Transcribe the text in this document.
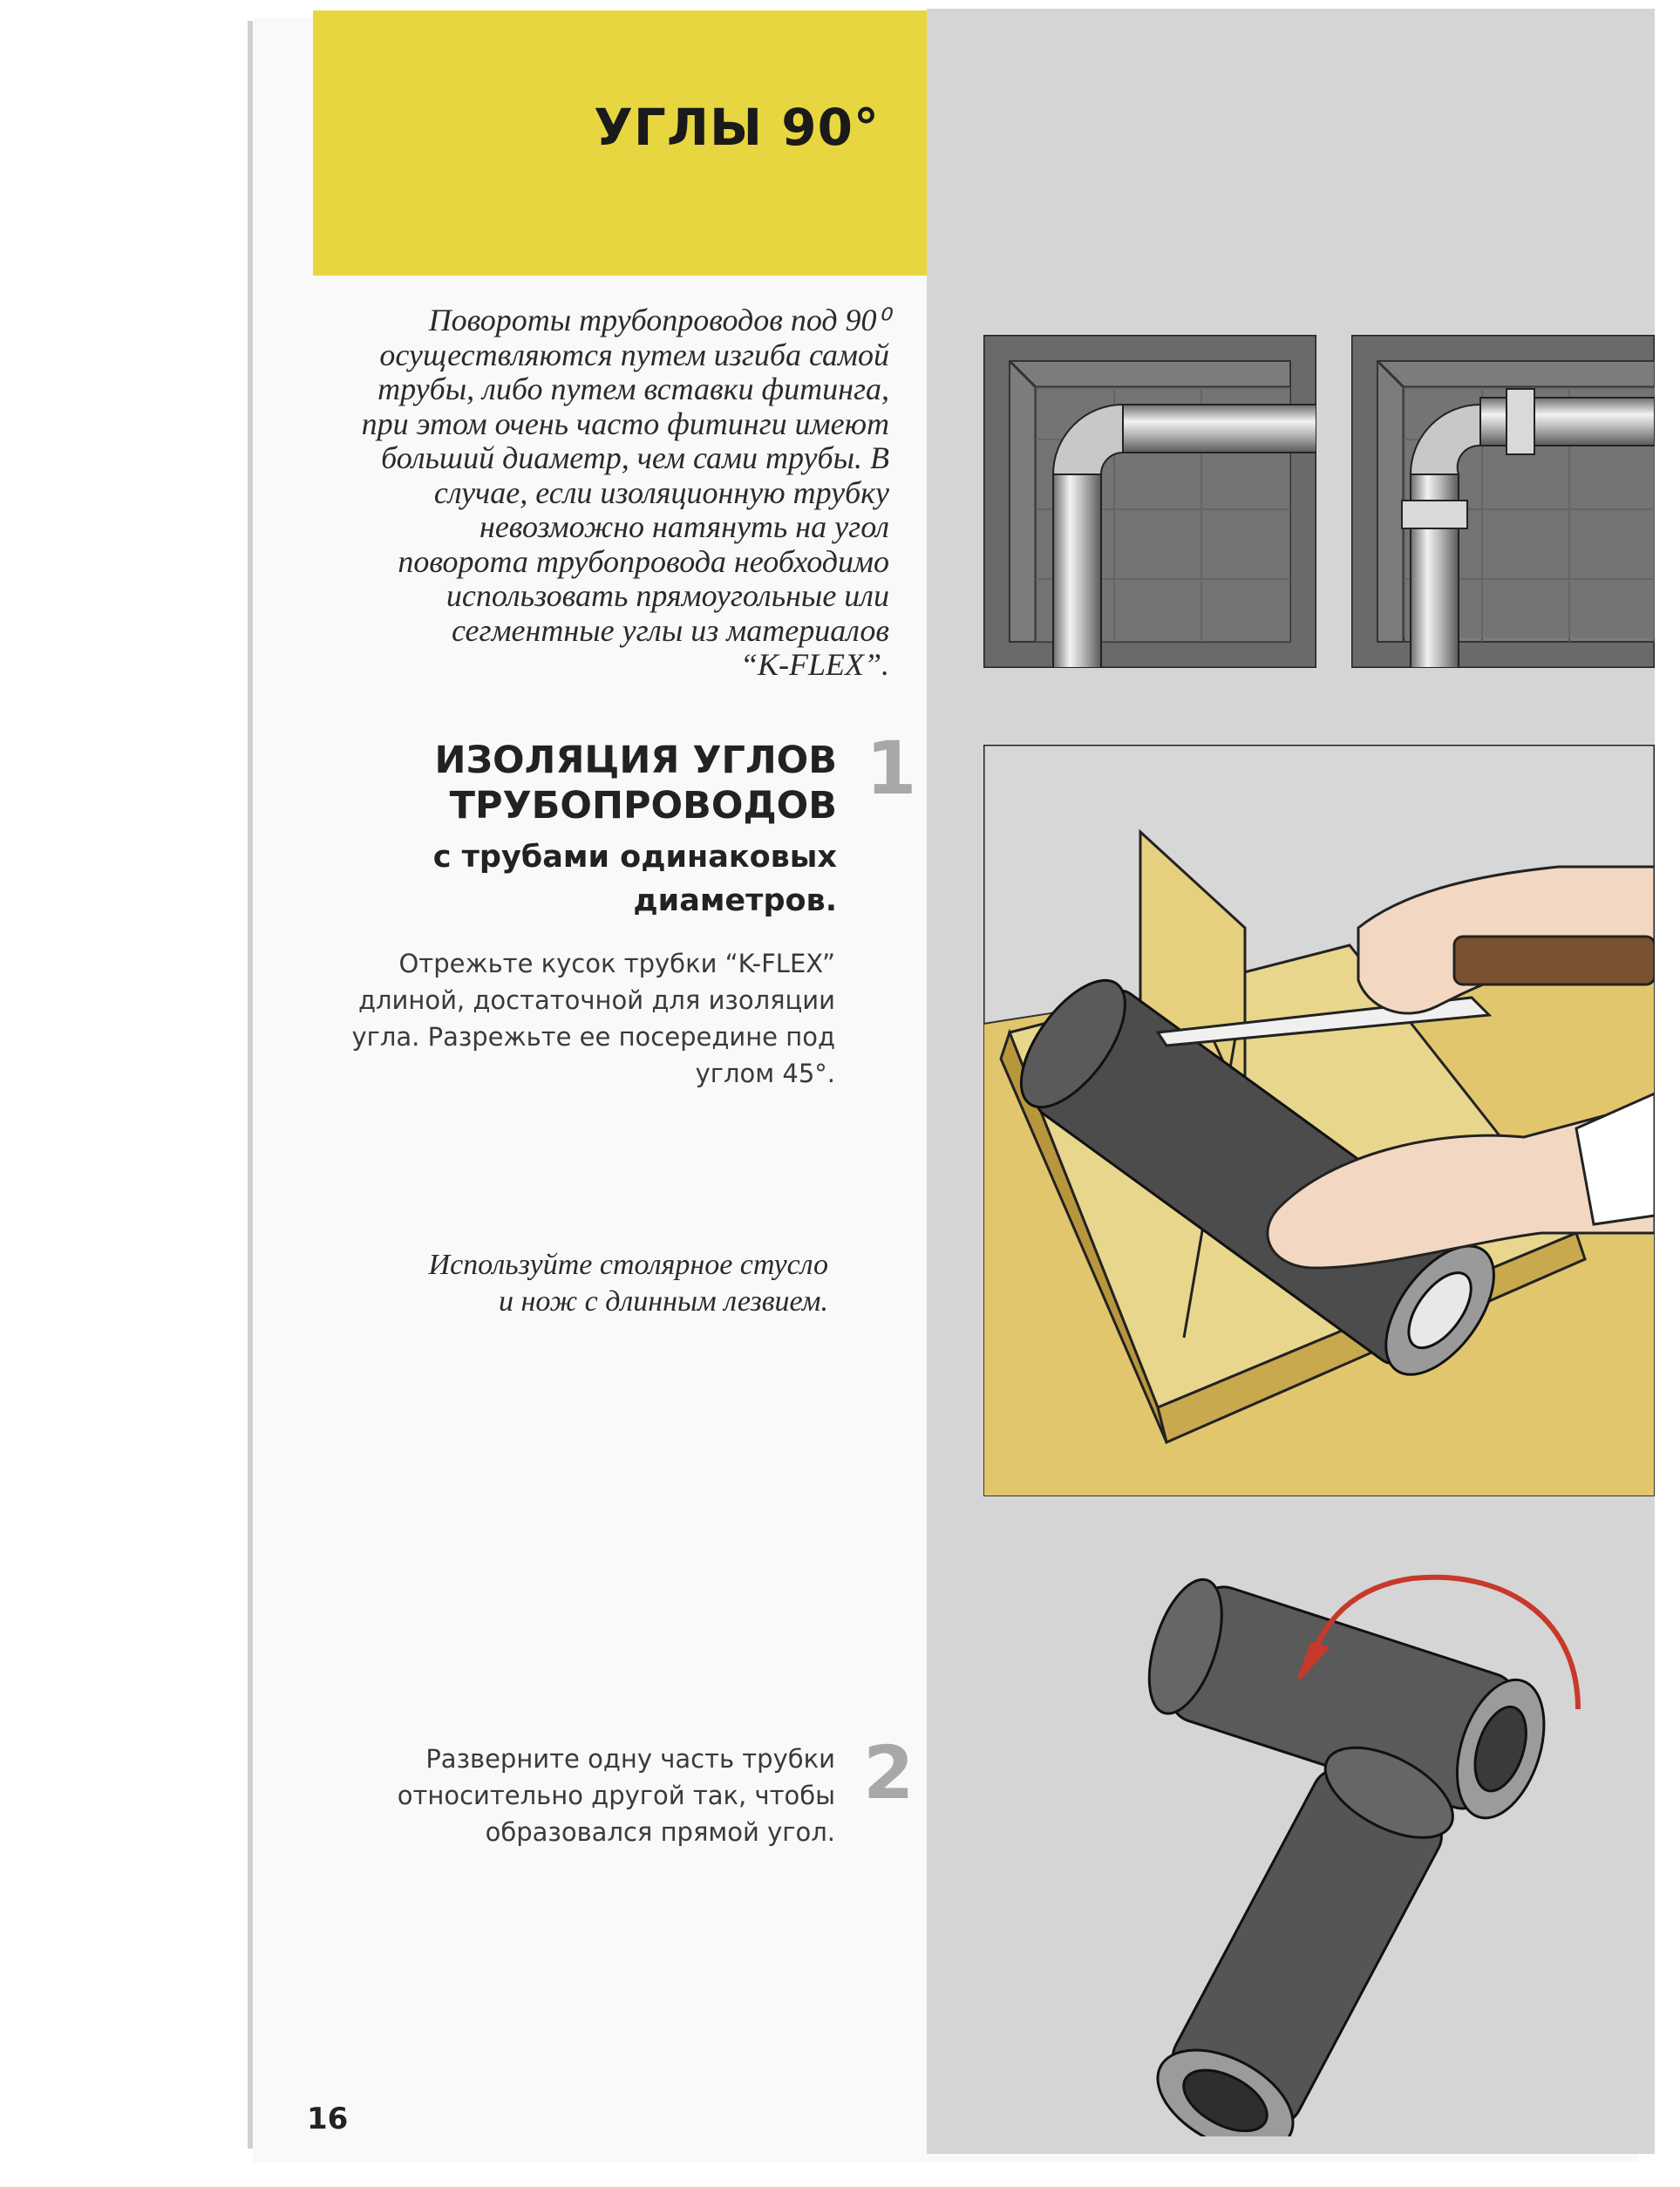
УГЛЫ 90°

Повороты трубопроводов под 90⁰
осуществляются путем изгиба самой
трубы, либо путем вставки фитинга,
при этом очень часто фитинги имеют
больший диаметр, чем сами трубы. В
случае, если изоляционную трубку
невозможно натянуть на угол
поворота трубопровода необходимо
использовать прямоугольные или
сегментные углы из материалов
“K-FLEX”.

ИЗОЛЯЦИЯ УГЛОВ
ТРУБОПРОВОДОВ
с трубами одинаковых
диаметров.
1

Отрежьте кусок трубки “K-FLEX”
длиной, достаточной для изоляции
угла. Разрежьте ее посередине под
углом 45°.

Используйте столярное стусло
и нож с длинным лезвием.

2

Разверните одну часть трубки
относительно другой так, чтобы
образовался прямой угол.

16
